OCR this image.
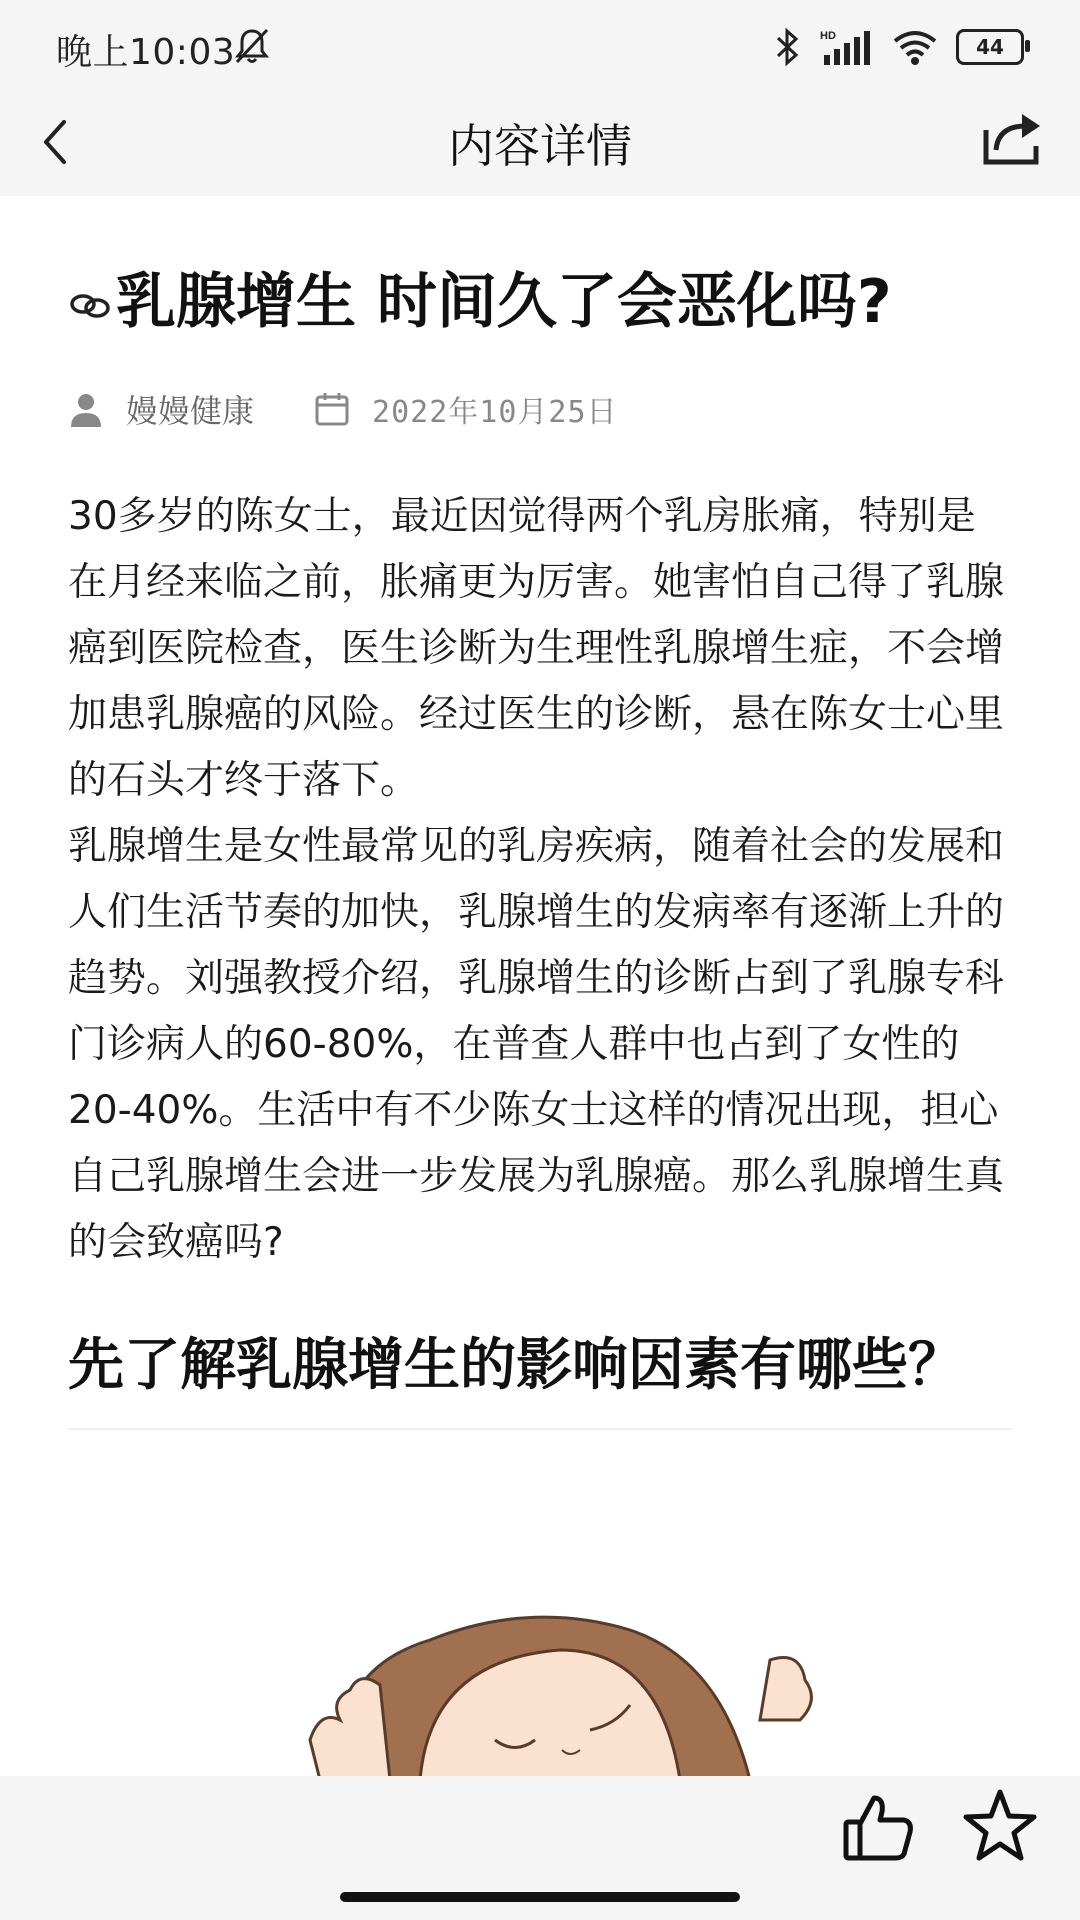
晚上10:03	HD	44
内容详情
乳腺增生 时间久了会恶化吗?
嫚嫚健康	2022年10月25日

30多岁的陈女士，最近因觉得两个乳房胀痛，特别是在月经来临之前，胀痛更为厉害。她害怕自己得了乳腺癌到医院检查，医生诊断为生理性乳腺增生症，不会增加患乳腺癌的风险。经过医生的诊断，悬在陈女士心里的石头才终于落下。

乳腺增生是女性最常见的乳房疾病，随着社会的发展和人们生活节奏的加快，乳腺增生的发病率有逐渐上升的趋势。刘强教授介绍，乳腺增生的诊断占到了乳腺专科门诊病人的60-80%，在普查人群中也占到了女性的20-40%。生活中有不少陈女士这样的情况出现，担心自己乳腺增生会进一步发展为乳腺癌。那么乳腺增生真的会致癌吗?

先了解乳腺增生的影响因素有哪些？
